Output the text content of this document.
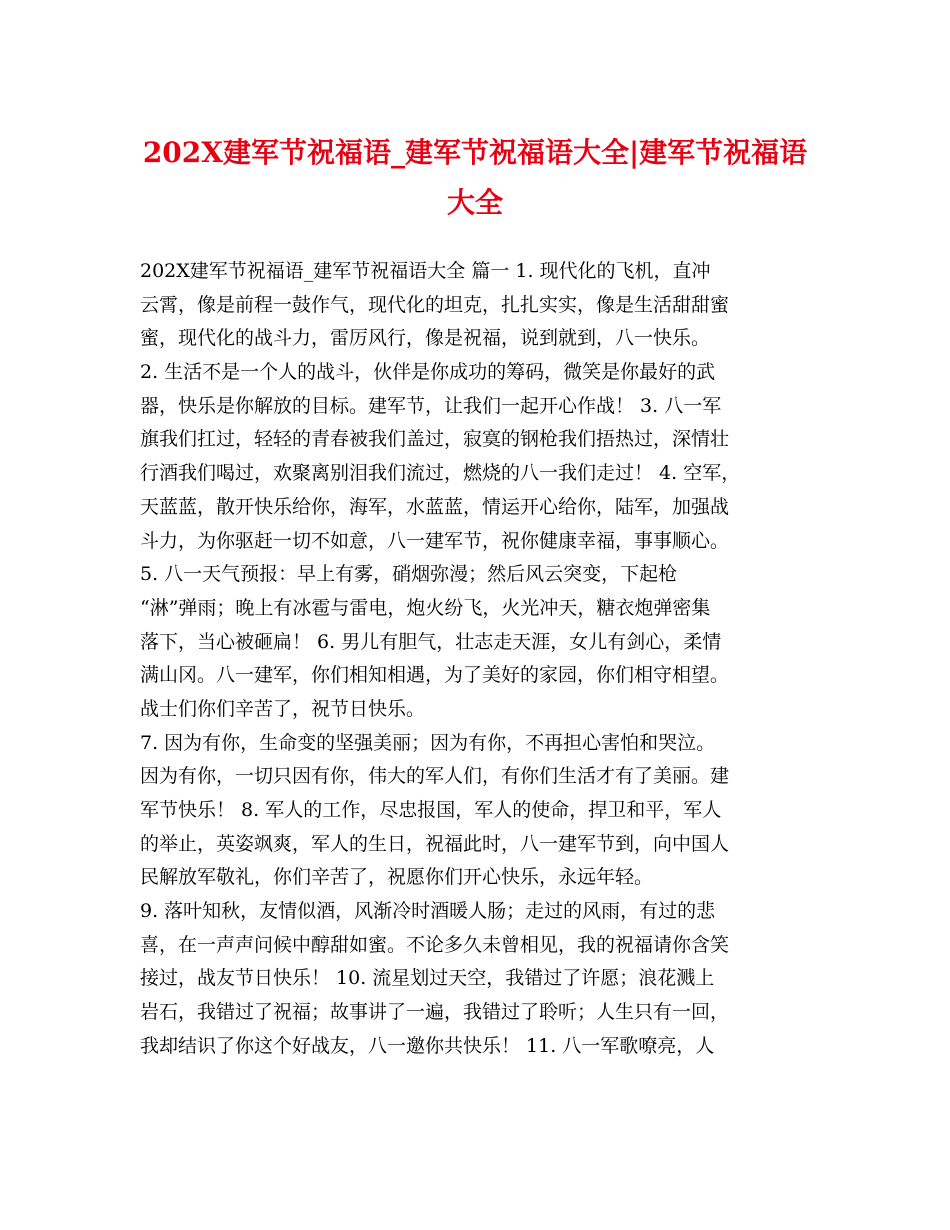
202X建军节祝福语_建军节祝福语大全|建军节祝福语
大全
202X建军节祝福语_建军节祝福语大全 篇一 1. 现代化的飞机，直冲
云霄，像是前程一鼓作气，现代化的坦克，扎扎实实，像是生活甜甜蜜
蜜，现代化的战斗力，雷厉风行，像是祝福，说到就到，八一快乐。
2. 生活不是一个人的战斗，伙伴是你成功的筹码，微笑是你最好的武
器，快乐是你解放的目标。建军节，让我们一起开心作战！ 3. 八一军
旗我们扛过，轻轻的青春被我们盖过，寂寞的钢枪我们捂热过，深情壮
行酒我们喝过，欢聚离别泪我们流过，燃烧的八一我们走过！ 4. 空军，
天蓝蓝，散开快乐给你，海军，水蓝蓝，情运开心给你，陆军，加强战
斗力，为你驱赶一切不如意，八一建军节，祝你健康幸福，事事顺心。
5. 八一天气预报：早上有雾，硝烟弥漫；然后风云突变，下起枪
“淋”弹雨；晚上有冰雹与雷电，炮火纷飞，火光冲天，糖衣炮弹密集
落下，当心被砸扁！ 6. 男儿有胆气，壮志走天涯，女儿有剑心，柔情
满山冈。八一建军，你们相知相遇，为了美好的家园，你们相守相望。
战士们你们辛苦了，祝节日快乐。
7. 因为有你，生命变的坚强美丽；因为有你，不再担心害怕和哭泣。
因为有你，一切只因有你，伟大的军人们，有你们生活才有了美丽。建
军节快乐！ 8. 军人的工作，尽忠报国，军人的使命，捍卫和平，军人
的举止，英姿飒爽，军人的生日，祝福此时，八一建军节到，向中国人
民解放军敬礼，你们辛苦了，祝愿你们开心快乐，永远年轻。
9. 落叶知秋，友情似酒，风渐冷时酒暖人肠；走过的风雨，有过的悲
喜，在一声声问候中醇甜如蜜。不论多久未曾相见，我的祝福请你含笑
接过，战友节日快乐！ 10. 流星划过天空，我错过了许愿；浪花溅上
岩石，我错过了祝福；故事讲了一遍，我错过了聆听；人生只有一回，
我却结识了你这个好战友，八一邀你共快乐！ 11. 八一军歌嘹亮，人
